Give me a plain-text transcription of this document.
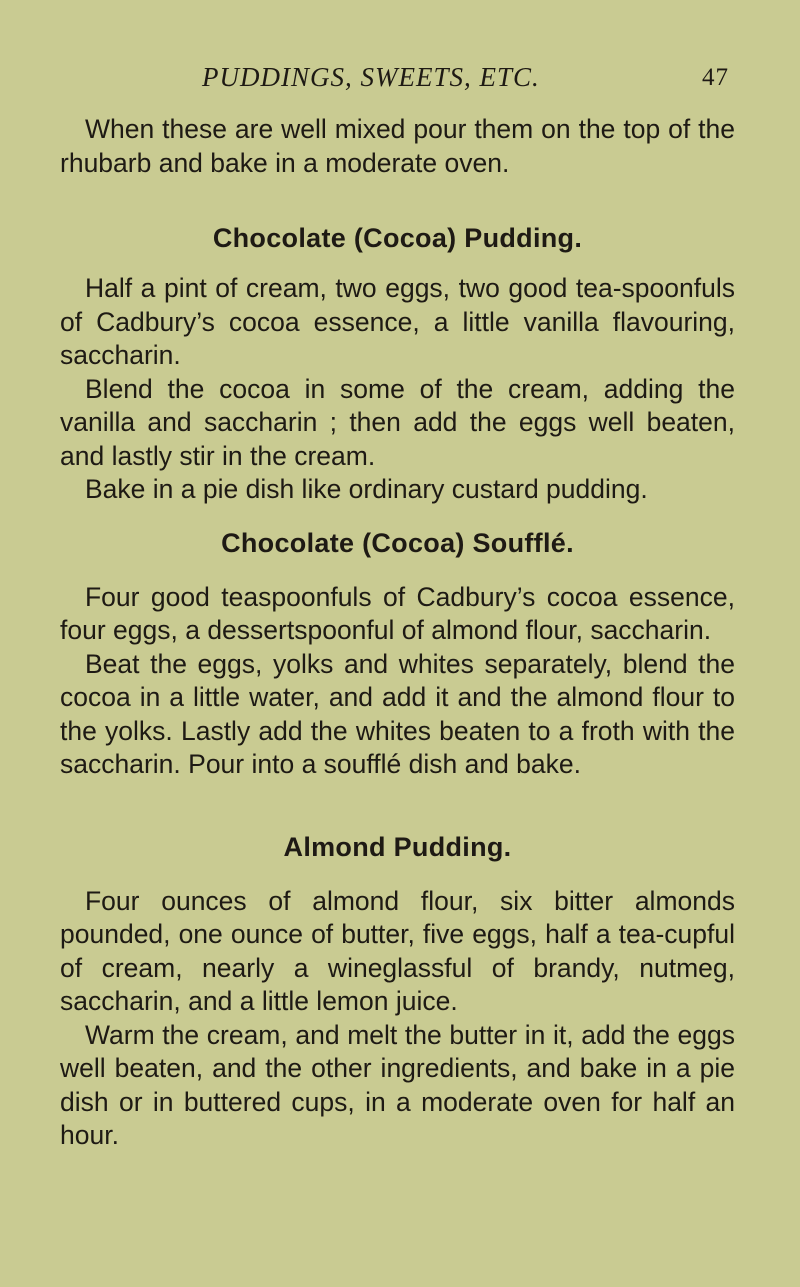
PUDDINGS, SWEETS, ETC.	47

When these are well mixed pour them on the top of the rhubarb and bake in a moderate oven.

Chocolate (Cocoa) Pudding.

Half a pint of cream, two eggs, two good tea-spoonfuls of Cadbury’s cocoa essence, a little vanilla flavouring, saccharin.

Blend the cocoa in some of the cream, adding the vanilla and saccharin ; then add the eggs well beaten, and lastly stir in the cream.

Bake in a pie dish like ordinary custard pudding.

Chocolate (Cocoa) Soufflé.

Four good teaspoonfuls of Cadbury’s cocoa essence, four eggs, a dessertspoonful of almond flour, saccharin.

Beat the eggs, yolks and whites separately, blend the cocoa in a little water, and add it and the almond flour to the yolks. Lastly add the whites beaten to a froth with the saccharin. Pour into a soufflé dish and bake.

Almond Pudding.

Four ounces of almond flour, six bitter almonds pounded, one ounce of butter, five eggs, half a tea-cupful of cream, nearly a wineglassful of brandy, nutmeg, saccharin, and a little lemon juice.

Warm the cream, and melt the butter in it, add the eggs well beaten, and the other ingredients, and bake in a pie dish or in buttered cups, in a moderate oven for half an hour.
